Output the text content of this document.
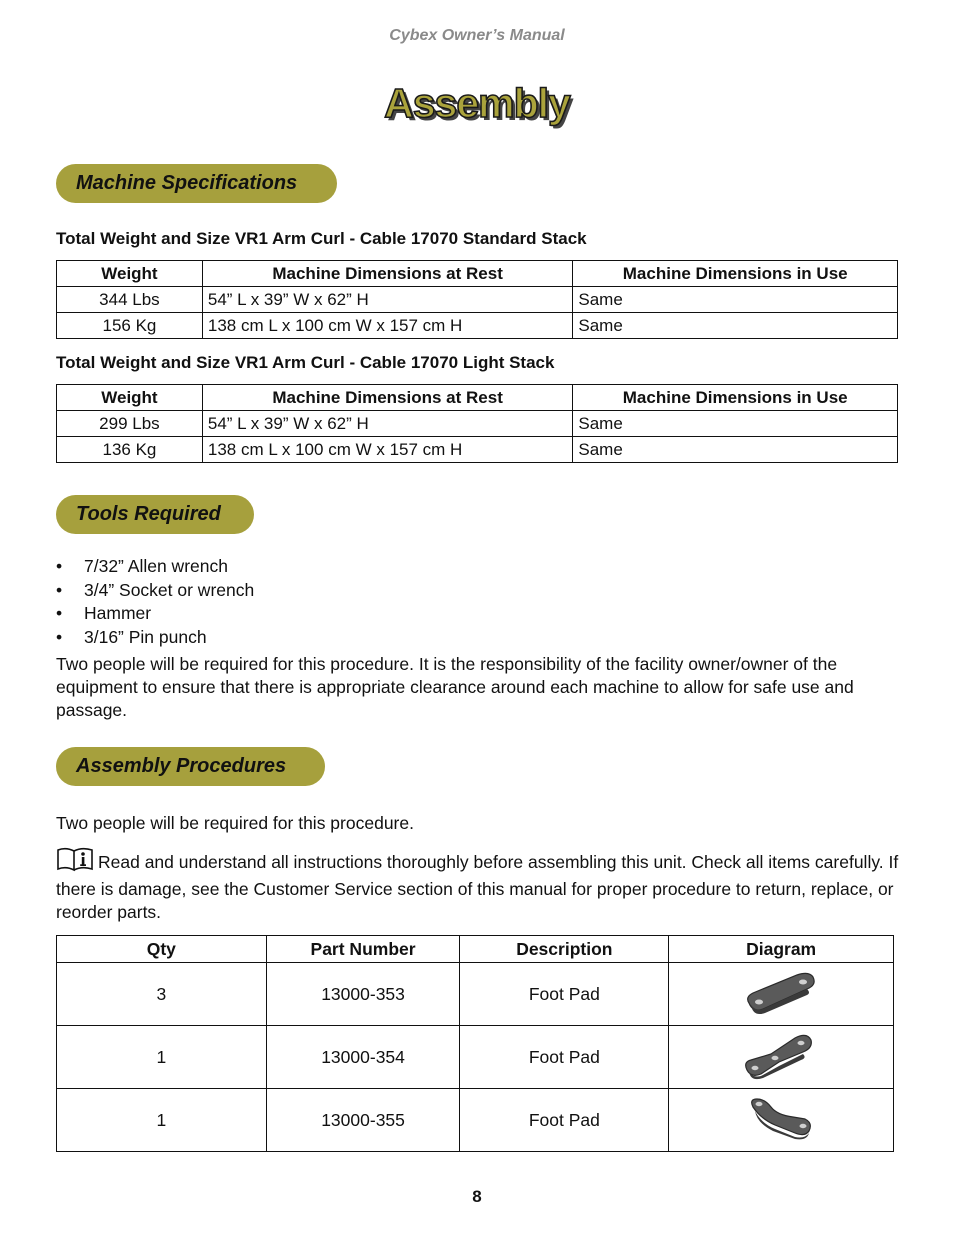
Cybex Owner’s Manual
Assembly
Machine Specifications
Total Weight and Size VR1 Arm Curl - Cable 17070 Standard Stack
Weight	Machine Dimensions at Rest	Machine Dimensions in Use
344 Lbs	54” L x 39” W x 62” H	Same
156 Kg	138 cm L x 100 cm W x 157 cm H	Same
Total Weight and Size VR1 Arm Curl - Cable 17070 Light Stack
Weight	Machine Dimensions at Rest	Machine Dimensions in Use
299 Lbs	54” L x 39” W x 62” H	Same
136 Kg	138 cm L x 100 cm W x 157 cm H	Same
Tools Required
•	7/32” Allen wrench
•	3/4” Socket or wrench
•	Hammer
•	3/16” Pin punch
Two people will be required for this procedure. It is the responsibility of the facility owner/owner of the equipment to ensure that there is appropriate clearance around each machine to allow for safe use and passage.
Assembly Procedures
Two people will be required for this procedure.
Read and understand all instructions thoroughly before assembling this unit. Check all items carefully. If there is damage, see the Customer Service section of this manual for proper procedure to return, replace, or reorder parts.
Qty	Part Number	Description	Diagram
3	13000-353	Foot Pad	
1	13000-354	Foot Pad	
1	13000-355	Foot Pad	
8
